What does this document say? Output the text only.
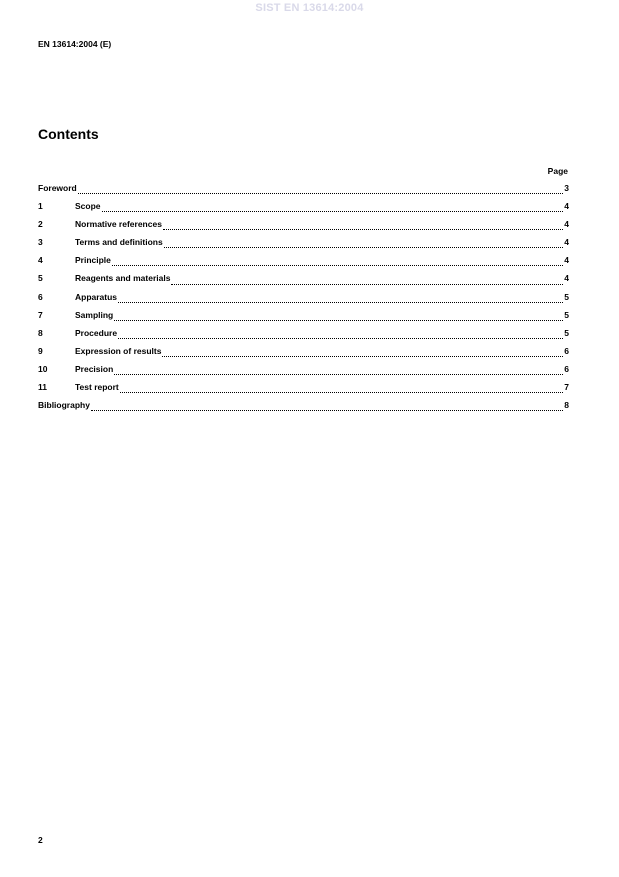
SIST EN 13614:2004
EN 13614:2004 (E)
Contents
Page
Foreword	3
1	Scope	4
2	Normative references	4
3	Terms and definitions	4
4	Principle	4
5	Reagents and materials	4
6	Apparatus	5
7	Sampling	5
8	Procedure	5
9	Expression of results	6
10	Precision	6
11	Test report	7
Bibliography	8
2
